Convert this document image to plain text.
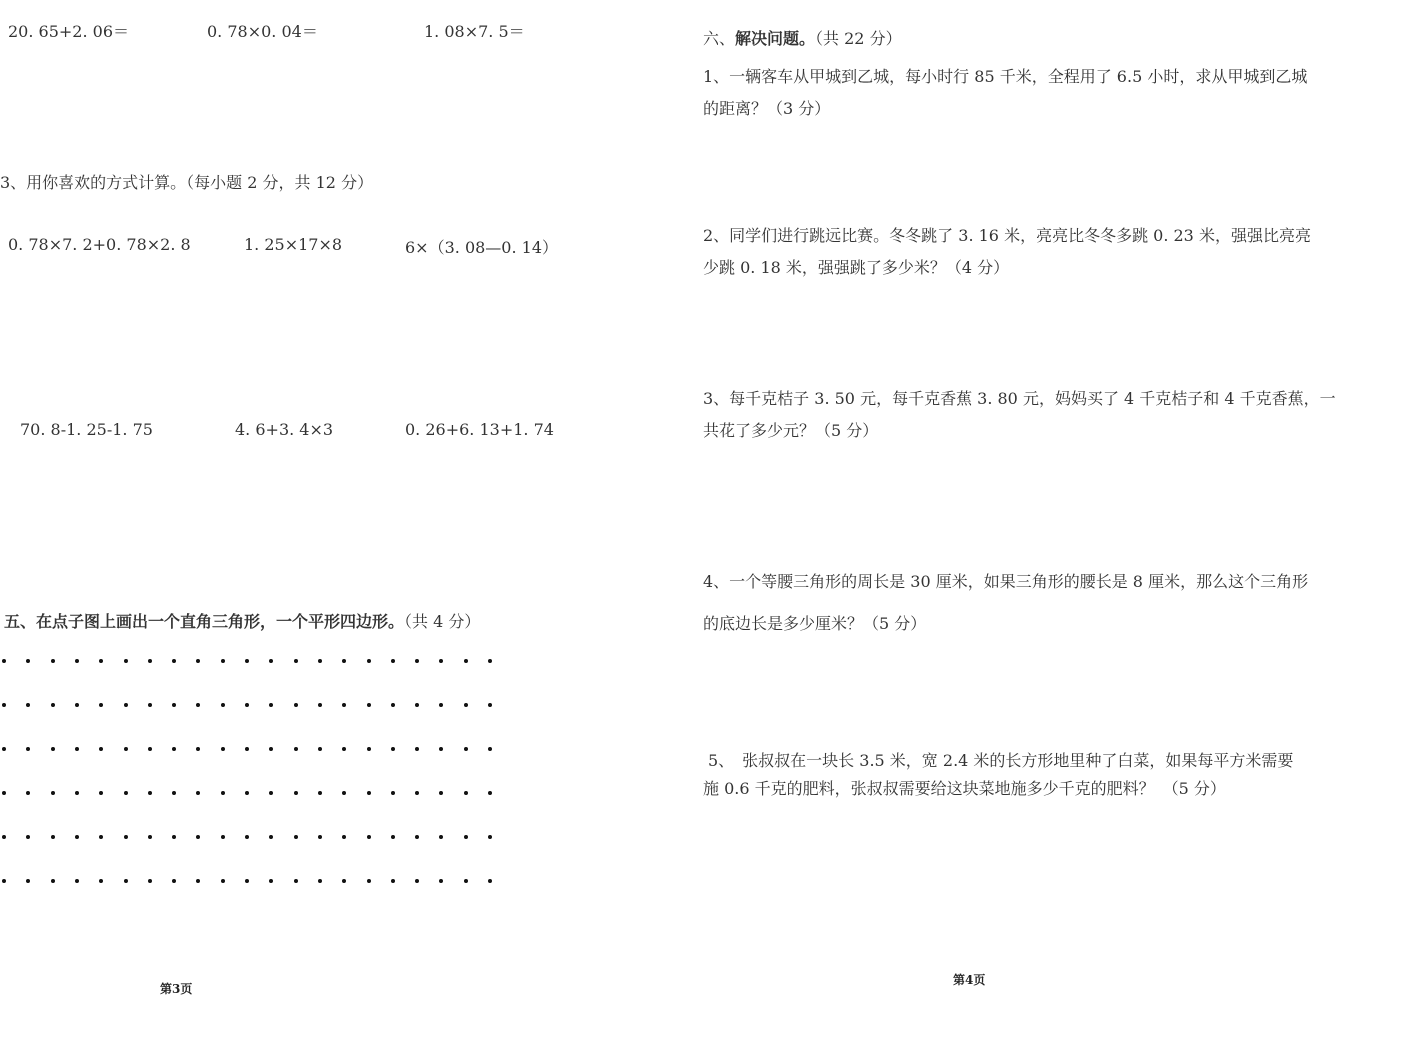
20. 65+2. 06＝	0. 78×0. 04＝	1. 08×7. 5＝
3、用你喜欢的方式计算。（每小题 2 分，共 12 分）
0. 78×7. 2+0. 78×2. 8	1. 25×17×8	6×（3. 08—0. 14）
70. 8-1. 25-1. 75	4. 6+3. 4×3	0. 26+6. 13+1. 74
五、在点子图上画出一个直角三角形，一个平形四边形。（共 4 分）
第3页
六、解决问题。（共 22 分）
1、一辆客车从甲城到乙城，每小时行 85 千米，全程用了 6.5 小时，求从甲城到乙城
的距离？（3 分）
2、同学们进行跳远比赛。冬冬跳了 3. 16 米，亮亮比冬冬多跳 0. 23 米，强强比亮亮
少跳 0. 18 米，强强跳了多少米？（4 分）
3、每千克桔子 3. 50 元，每千克香蕉 3. 80 元，妈妈买了 4 千克桔子和 4 千克香蕉，一
共花了多少元？（5 分）
4、一个等腰三角形的周长是 30 厘米，如果三角形的腰长是 8 厘米，那么这个三角形
的底边长是多少厘米？（5 分）
5、　张叔叔在一块长 3.5 米，宽 2.4 米的长方形地里种了白菜，如果每平方米需要
施 0.6 千克的肥料，张叔叔需要给这块菜地施多少千克的肥料？　（5 分）
第4页
